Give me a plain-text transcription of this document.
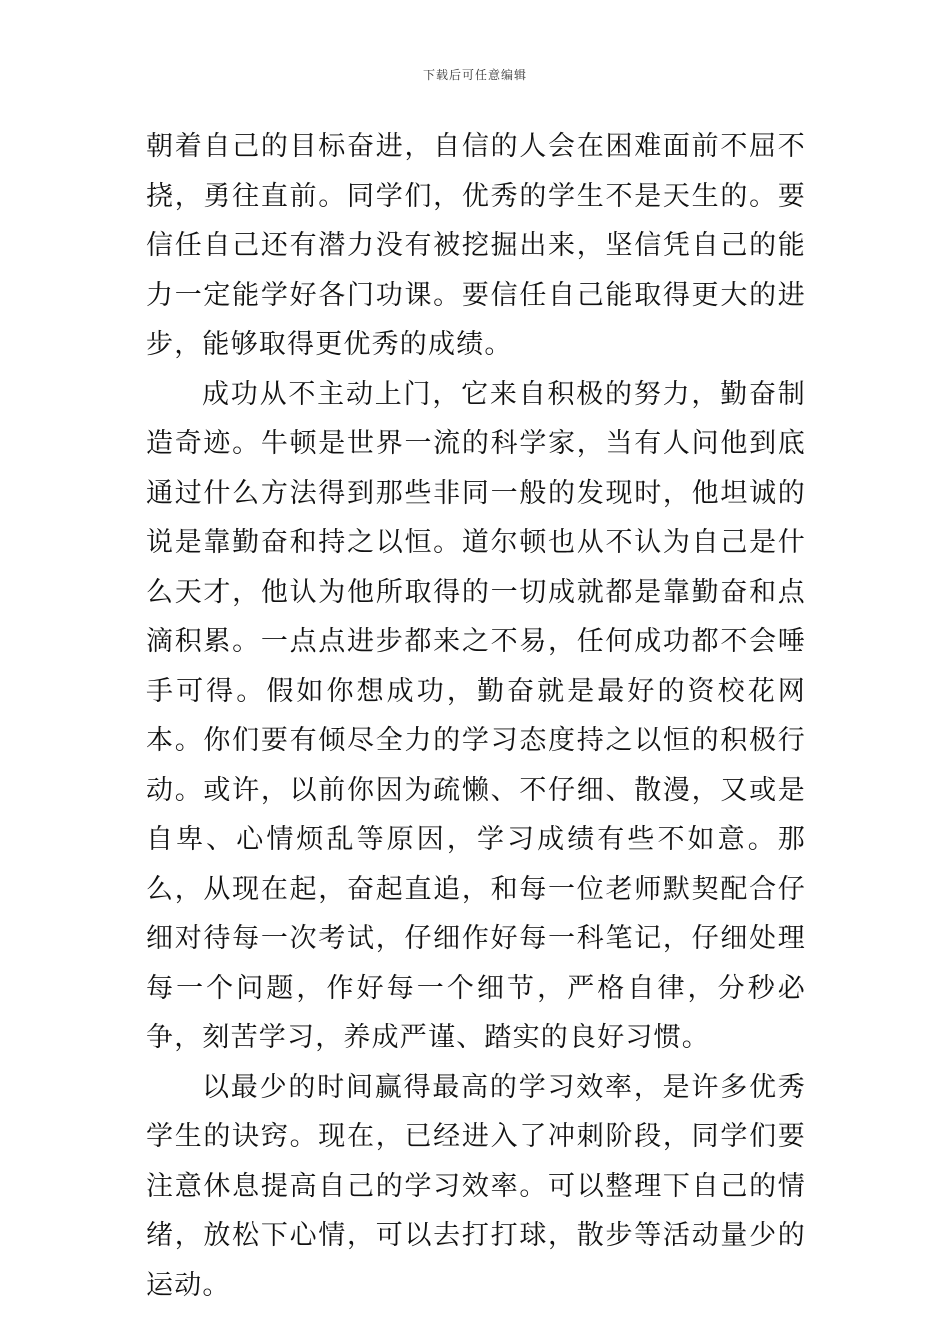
下载后可任意编辑

朝着自己的目标奋进，自信的人会在困难面前不屈不挠，勇往直前。同学们，优秀的学生不是天生的。要信任自己还有潜力没有被挖掘出来，坚信凭自己的能力一定能学好各门功课。要信任自己能取得更大的进步，能够取得更优秀的成绩。

成功从不主动上门，它来自积极的努力，勤奋制造奇迹。牛顿是世界一流的科学家，当有人问他到底通过什么方法得到那些非同一般的发现时，他坦诚的说是靠勤奋和持之以恒。道尔顿也从不认为自己是什么天才，他认为他所取得的一切成就都是靠勤奋和点滴积累。一点点进步都来之不易，任何成功都不会唾手可得。假如你想成功，勤奋就是最好的资校花网本。你们要有倾尽全力的学习态度持之以恒的积极行动。或许，以前你因为疏懒、不仔细、散漫，又或是自卑、心情烦乱等原因，学习成绩有些不如意。那么，从现在起，奋起直追，和每一位老师默契配合仔细对待每一次考试，仔细作好每一科笔记，仔细处理每一个问题，作好每一个细节，严格自律，分秒必争，刻苦学习，养成严谨、踏实的良好习惯。

以最少的时间赢得最高的学习效率，是许多优秀学生的诀窍。现在，已经进入了冲刺阶段，同学们要注意休息提高自己的学习效率。可以整理下自己的情绪，放松下心情，可以去打打球，散步等活动量少的运动。
